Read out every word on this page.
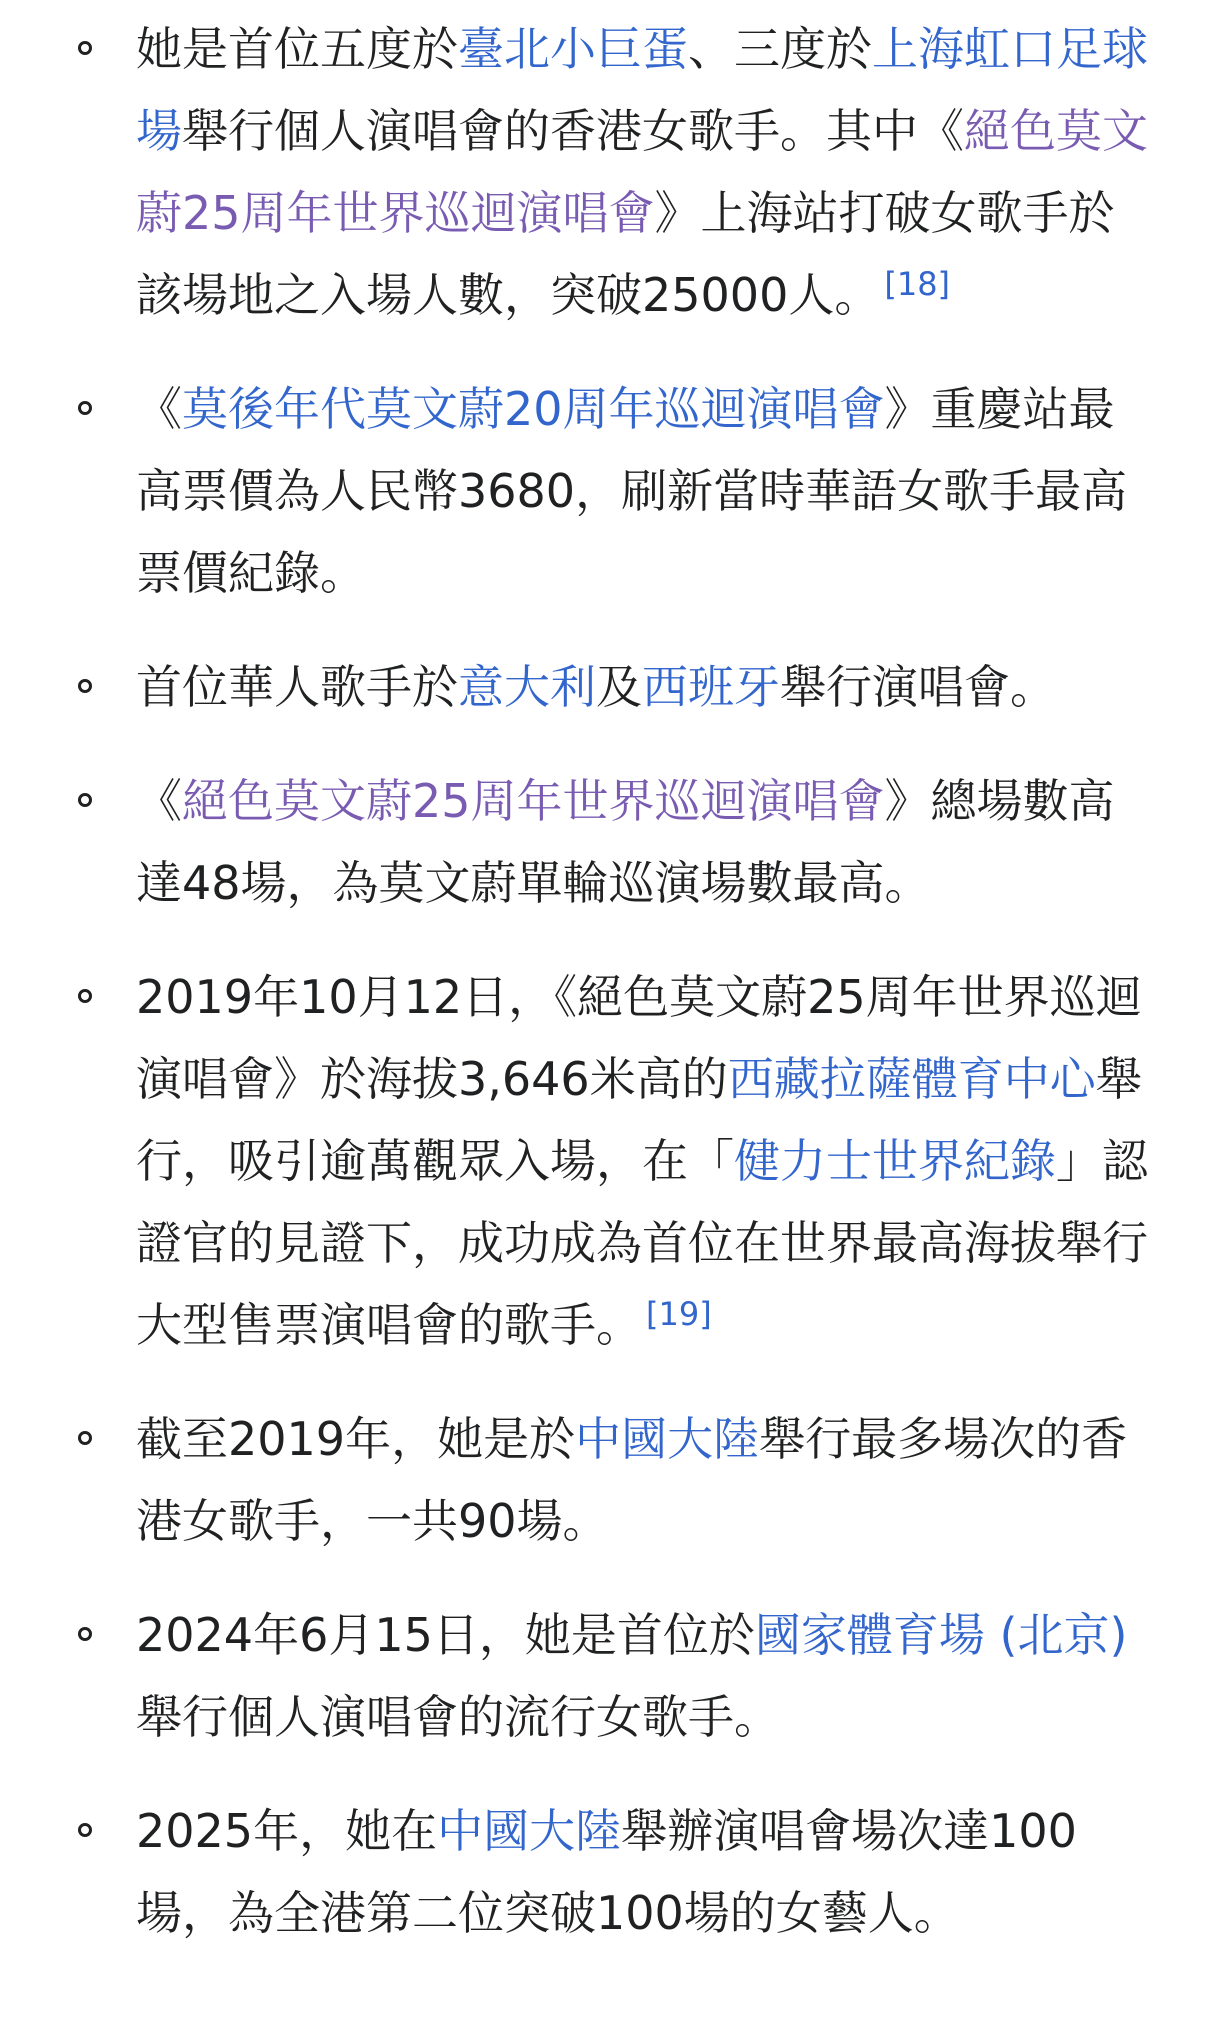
她是首位五度於臺北小巨蛋、三度於上海虹口足球場舉行個人演唱會的香港女歌手。其中《絕色莫文蔚25周年世界巡迴演唱會》上海站打破女歌手於該場地之入場人數，突破25000人。 [18]
《莫後年代莫文蔚20周年巡迴演唱會》重慶站最高票價為人民幣3680，刷新當時華語女歌手最高票價紀錄。
首位華人歌手於意大利及西班牙舉行演唱會。
《絕色莫文蔚25周年世界巡迴演唱會》總場數高達48場，為莫文蔚單輪巡演場數最高。
2019年10月12日，《絕色莫文蔚25周年世界巡迴演唱會》於海拔3,646米高的西藏拉薩體育中心舉行，吸引逾萬觀眾入場，在「健力士世界紀錄」認證官的見證下，成功成為首位在世界最高海拔舉行大型售票演唱會的歌手。 [19]
截至2019年，她是於中國大陸舉行最多場次的香港女歌手，一共90場。
2024年6月15日，她是首位於國家體育場 (北京)舉行個人演唱會的流行女歌手。
2025年，她在中國大陸舉辦演唱會場次達100場，為全港第二位突破100場的女藝人。
